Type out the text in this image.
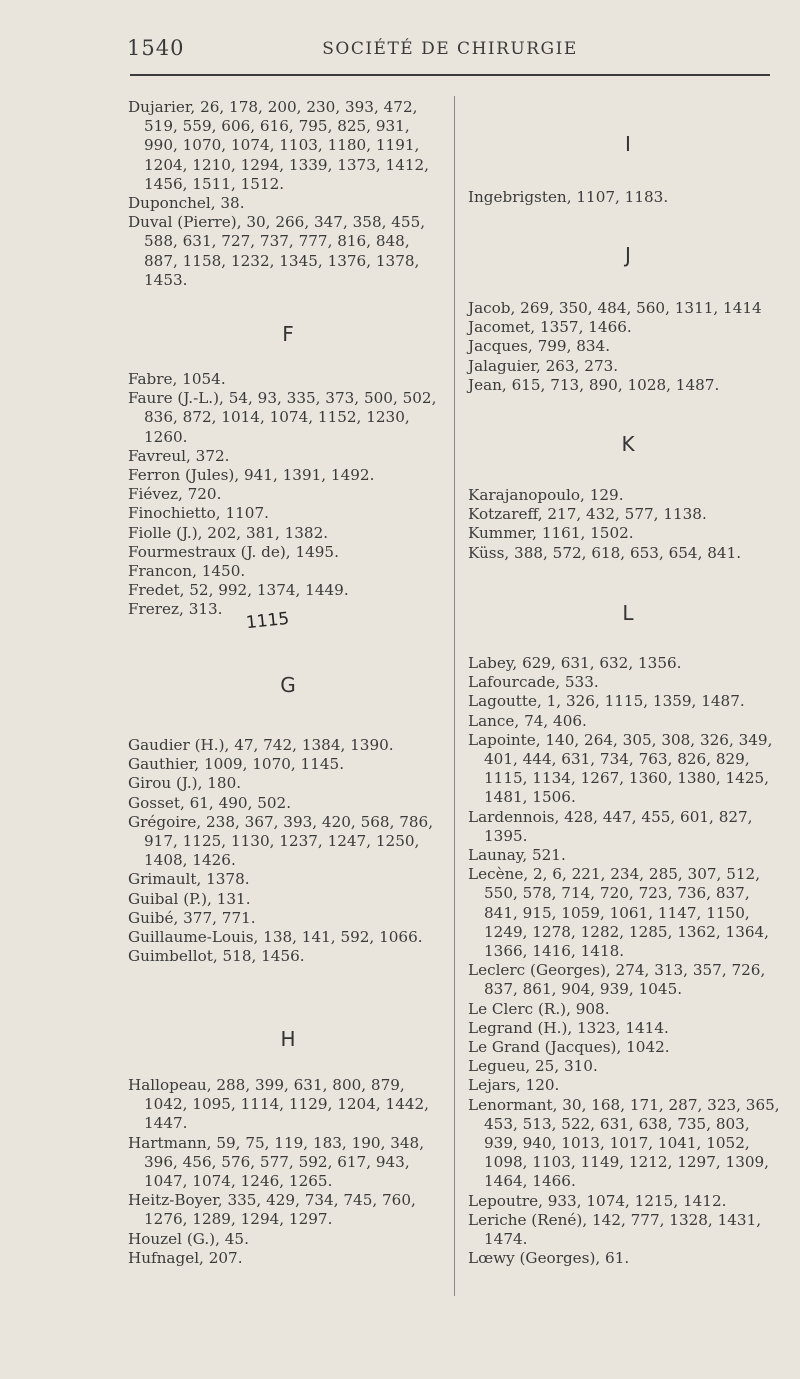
1540	SOCIÉTÉ DE CHIRURGIE
Dujarier, 26, 178, 200, 230, 393, 472, 519, 559, 606, 616, 795, 825, 931, 990, 1070, 1074, 1103, 1180, 1191, 1204, 1210, 1294, 1339, 1373, 1412, 1456, 1511, 1512.
Duponchel, 38.
Duval (Pierre), 30, 266, 347, 358, 455, 588, 631, 727, 737, 777, 816, 848, 887, 1158, 1232, 1345, 1376, 1378, 1453.
F
Fabre, 1054.
Faure (J.-L.), 54, 93, 335, 373, 500, 502, 836, 872, 1014, 1074, 1152, 1230, 1260.
Favreul, 372.
Ferron (Jules), 941, 1391, 1492.
Fiévez, 720.
Finochietto, 1107.
Fiolle (J.), 202, 381, 1382.
Fourmestraux (J. de), 1495.
Francon, 1450.
Fredet, 52, 992, 1374, 1449.
Frerez, 313.	1115
G
Gaudier (H.), 47, 742, 1384, 1390.
Gauthier, 1009, 1070, 1145.
Girou (J.), 180.
Gosset, 61, 490, 502.
Grégoire, 238, 367, 393, 420, 568, 786, 917, 1125, 1130, 1237, 1247, 1250, 1408, 1426.
Grimault, 1378.
Guibal (P.), 131.
Guibé, 377, 771.
Guillaume-Louis, 138, 141, 592, 1066.
Guimbellot, 518, 1456.
H
Hallopeau, 288, 399, 631, 800, 879, 1042, 1095, 1114, 1129, 1204, 1442, 1447.
Hartmann, 59, 75, 119, 183, 190, 348, 396, 456, 576, 577, 592, 617, 943, 1047, 1074, 1246, 1265.
Heitz-Boyer, 335, 429, 734, 745, 760, 1276, 1289, 1294, 1297.
Houzel (G.), 45.
Hufnagel, 207.
I
Ingebrigsten, 1107, 1183.
J
Jacob, 269, 350, 484, 560, 1311, 1414
Jacomet, 1357, 1466.
Jacques, 799, 834.
Jalaguier, 263, 273.
Jean, 615, 713, 890, 1028, 1487.
K
Karajanopoulo, 129.
Kotzareff, 217, 432, 577, 1138.
Kummer, 1161, 1502.
Küss, 388, 572, 618, 653, 654, 841.
L
Labey, 629, 631, 632, 1356.
Lafourcade, 533.
Lagoutte, 1, 326, 1115, 1359, 1487.
Lance, 74, 406.
Lapointe, 140, 264, 305, 308, 326, 349, 401, 444, 631, 734, 763, 826, 829, 1115, 1134, 1267, 1360, 1380, 1425, 1481, 1506.
Lardennois, 428, 447, 455, 601, 827, 1395.
Launay, 521.
Lecène, 2, 6, 221, 234, 285, 307, 512, 550, 578, 714, 720, 723, 736, 837, 841, 915, 1059, 1061, 1147, 1150, 1249, 1278, 1282, 1285, 1362, 1364, 1366, 1416, 1418.
Leclerc (Georges), 274, 313, 357, 726, 837, 861, 904, 939, 1045.
Le Clerc (R.), 908.
Legrand (H.), 1323, 1414.
Le Grand (Jacques), 1042.
Legueu, 25, 310.
Lejars, 120.
Lenormant, 30, 168, 171, 287, 323, 365, 453, 513, 522, 631, 638, 735, 803, 939, 940, 1013, 1017, 1041, 1052, 1098, 1103, 1149, 1212, 1297, 1309, 1464, 1466.
Lepoutre, 933, 1074, 1215, 1412.
Leriche (René), 142, 777, 1328, 1431, 1474.
Lœwy (Georges), 61.
